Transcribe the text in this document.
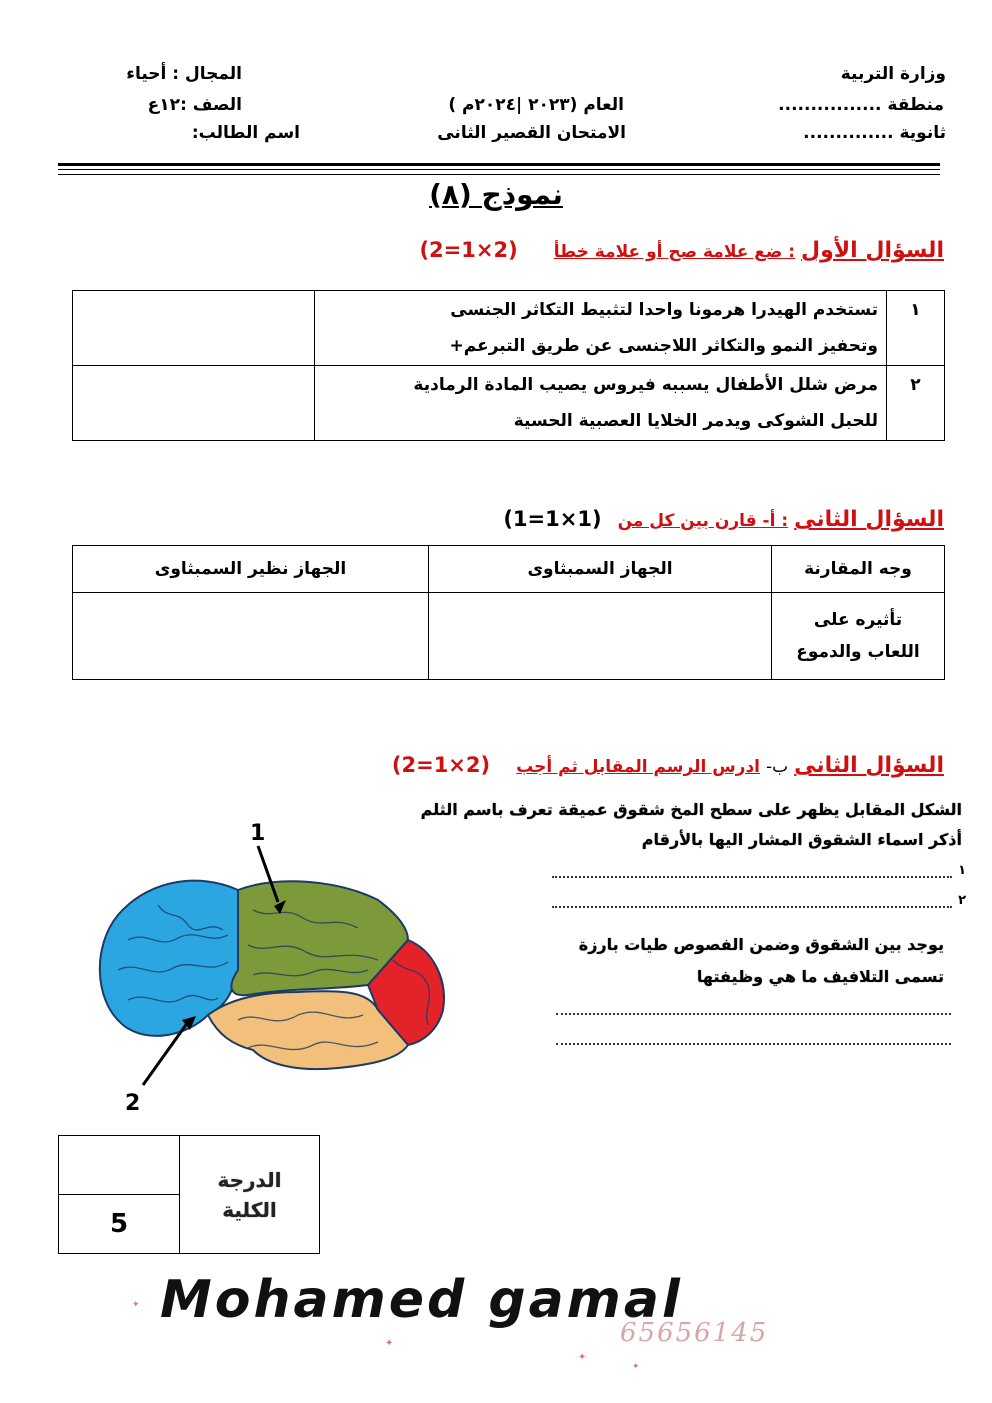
وزارة التربية
منطقة ................
ثانوية ..............
العام (٢٠٢٣ |٢٠٢٤م )
الامتحان القصير الثانى
المجال : أحياء
الصف :١٢ع
اسم الطالب:
نموذج (٨)
السؤال الأول
: ضع علامة صح أو علامة خطأ
(2=1×2)
١	تستخدم الهيدرا هرمونا واحدا لتثبيط التكاثر الجنسى
وتحفيز النمو والتكاثر اللاجنسى عن طريق التبرعم+	

٢	مرض شلل الأطفال يسببه فيروس يصيب المادة الرمادية
للحبل الشوكى ويدمر الخلايا العصبية الحسية	

السؤال الثانى
: أ- قارن بين كل من
(1=1×1)
وجه المقارنة	الجهاز السمبثاوى	الجهاز نظير السمبثاوى

تأثيره على
اللعاب والدموع		

السؤال الثانى
ب-
ادرس الرسم المقابل ثم أجب
(2=1×2)
الشكل المقابل يظهر على سطح المخ شقوق عميقة تعرف باسم الثلم
أذكر اسماء الشقوق المشار اليها بالأرقام
١
٢
يوجد بين الشقوق وضمن الفصوص طيات بارزة
تسمى التلافيف ما هي وظيفتها
1
2

الدرجة
الكلية

5
Mohamed gamal
65656145
✦
✦
✦
✦
